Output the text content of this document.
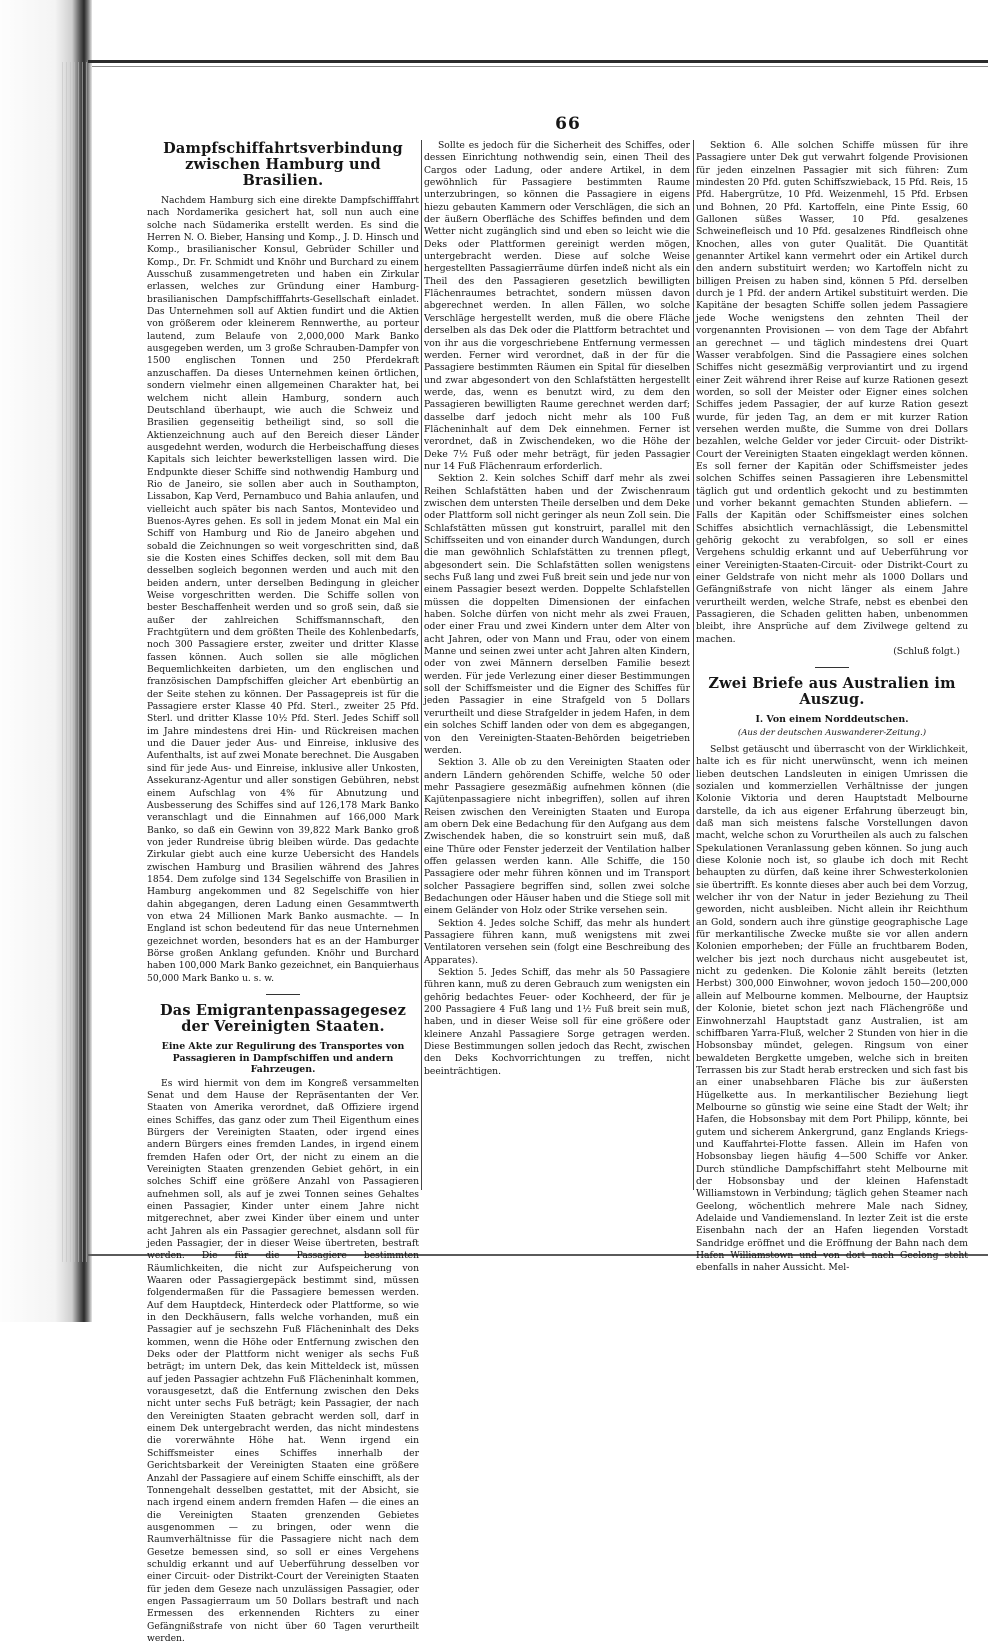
66
Dampfschiffahrtsverbindung zwischen Hamburg und Brasilien.

Nachdem Hamburg sich eine direkte Dampfschifffahrt nach Nordamerika gesichert hat, soll nun auch eine solche nach Südamerika erstellt werden. Es sind die Herren N. O. Bieber, Hansing und Komp., J. D. Hinsch und Komp., brasilianischer Konsul, Gebrüder Schiller und Komp., Dr. Fr. Schmidt und Knöhr und Burchard zu einem Ausschuß zusammengetreten und haben ein Zirkular erlassen, welches zur Gründung einer Hamburg-brasilianischen Dampfschifffahrts-Gesellschaft einladet. Das Unternehmen soll auf Aktien fundirt und die Aktien von größerem oder kleinerem Rennwerthe, au porteur lautend, zum Belaufe von 2,000,000 Mark Banko ausgegeben werden, um 3 große Schrauben-Dampfer von 1500 englischen Tonnen und 250 Pferdekraft anzuschaffen. Da dieses Unternehmen keinen örtlichen, sondern vielmehr einen allgemeinen Charakter hat, bei welchem nicht allein Hamburg, sondern auch Deutschland überhaupt, wie auch die Schweiz und Brasilien gegenseitig betheiligt sind, so soll die Aktienzeichnung auch auf den Bereich dieser Länder ausgedehnt werden, wodurch die Herbeischaffung dieses Kapitals sich leichter bewerkstelligen lassen wird. Die Endpunkte dieser Schiffe sind nothwendig Hamburg und Rio de Janeiro, sie sollen aber auch in Southampton, Lissabon, Kap Verd, Pernambuco und Bahia anlaufen, und vielleicht auch später bis nach Santos, Montevideo und Buenos-Ayres gehen. Es soll in jedem Monat ein Mal ein Schiff von Hamburg und Rio de Janeiro abgehen und sobald die Zeichnungen so weit vorgeschritten sind, daß sie die Kosten eines Schiffes decken, soll mit dem Bau desselben sogleich begonnen werden und auch mit den beiden andern, unter derselben Bedingung in gleicher Weise vorgeschritten werden. Die Schiffe sollen von bester Beschaffenheit werden und so groß sein, daß sie außer der zahlreichen Schiffsmannschaft, den Frachtgütern und dem größten Theile des Kohlenbedarfs, noch 300 Passagiere erster, zweiter und dritter Klasse fassen können. Auch sollen sie alle möglichen Bequemlichkeiten darbieten, um den englischen und französischen Dampfschiffen gleicher Art ebenbürtig an der Seite stehen zu können. Der Passagepreis ist für die Passagiere erster Klasse 40 Pfd. Sterl., zweiter 25 Pfd. Sterl. und dritter Klasse 10½ Pfd. Sterl. Jedes Schiff soll im Jahre mindestens drei Hin- und Rückreisen machen und die Dauer jeder Aus- und Einreise, inklusive des Aufenthalts, ist auf zwei Monate berechnet. Die Ausgaben sind für jede Aus- und Einreise, inklusive aller Unkosten, Assekuranz-Agentur und aller sonstigen Gebühren, nebst einem Aufschlag von 4% für Abnutzung und Ausbesserung des Schiffes sind auf 126,178 Mark Banko veranschlagt und die Einnahmen auf 166,000 Mark Banko, so daß ein Gewinn von 39,822 Mark Banko groß von jeder Rundreise übrig bleiben würde. Das gedachte Zirkular giebt auch eine kurze Uebersicht des Handels zwischen Hamburg und Brasilien während des Jahres 1854. Dem zufolge sind 134 Segelschiffe von Brasilien in Hamburg angekommen und 82 Segelschiffe von hier dahin abgegangen, deren Ladung einen Gesammtwerth von etwa 24 Millionen Mark Banko ausmachte. — In England ist schon bedeutend für das neue Unternehmen gezeichnet worden, besonders hat es an der Hamburger Börse großen Anklang gefunden. Knöhr und Burchard haben 100,000 Mark Banko gezeichnet, ein Banquierhaus 50,000 Mark Banko u. s. w.

Das Emigrantenpassagegesez der Vereinigten Staaten.
Eine Akte zur Regulirung des Transportes von Passagieren in Dampfschiffen und andern Fahrzeugen.

Es wird hiermit von dem im Kongreß versammelten Senat und dem Hause der Repräsentanten der Ver. Staaten von Amerika verordnet, daß Offiziere irgend eines Schiffes, das ganz oder zum Theil Eigenthum eines Bürgers der Vereinigten Staaten, oder irgend eines andern Bürgers eines fremden Landes, in irgend einem fremden Hafen oder Ort, der nicht zu einem an die Vereinigten Staaten grenzenden Gebiet gehört, in ein solches Schiff eine größere Anzahl von Passagieren aufnehmen soll, als auf je zwei Tonnen seines Gehaltes einen Passagier, Kinder unter einem Jahre nicht mitgerechnet, aber zwei Kinder über einem und unter acht Jahren als ein Passagier gerechnet, alsdann soll für jeden Passagier, der in dieser Weise übertreten, bestraft werden. Die für die Passagiere bestimmten Räumlichkeiten, die nicht zur Aufspeicherung von Waaren oder Passagiergepäck bestimmt sind, müssen folgendermaßen für die Passagiere bemessen werden. Auf dem Hauptdeck, Hinterdeck oder Plattforme, so wie in den Deckhäusern, falls welche vorhanden, muß ein Passagier auf je sechszehn Fuß Flächeninhalt des Deks kommen, wenn die Höhe oder Entfernung zwischen den Deks oder der Plattform nicht weniger als sechs Fuß beträgt; im untern Dek, das kein Mitteldeck ist, müssen auf jeden Passagier achtzehn Fuß Flächeninhalt kommen, vorausgesetzt, daß die Entfernung zwischen den Deks nicht unter sechs Fuß beträgt; kein Passagier, der nach den Vereinigten Staaten gebracht werden soll, darf in einem Dek untergebracht werden, das nicht mindestens die vorerwähnte Höhe hat. Wenn irgend ein Schiffsmeister eines Schiffes innerhalb der Gerichtsbarkeit der Vereinigten Staaten eine größere Anzahl der Passagiere auf einem Schiffe einschifft, als der Tonnengehalt desselben gestattet, mit der Absicht, sie nach irgend einem andern fremden Hafen — die eines an die Vereinigten Staaten grenzenden Gebietes ausgenommen — zu bringen, oder wenn die Raumverhältnisse für die Passagiere nicht nach dem Gesetze bemessen sind, so soll er eines Vergehens schuldig erkannt und auf Ueberführung desselben vor einer Circuit- oder Distrikt-Court der Vereinigten Staaten für jeden dem Geseze nach unzulässigen Passagier, oder engen Passagierraum um 50 Dollars bestraft und nach Ermessen des erkennenden Richters zu einer Gefängnißstrafe von nicht über 60 Tagen verurtheilt werden.

Sollte es jedoch für die Sicherheit des Schiffes, oder dessen Einrichtung nothwendig sein, einen Theil des Cargos oder Ladung, oder andere Artikel, in dem gewöhnlich für Passagiere bestimmten Raume unterzubringen, so können die Passagiere in eigens hiezu gebauten Kammern oder Verschlägen, die sich an der äußern Oberfläche des Schiffes befinden und dem Wetter nicht zugänglich sind und eben so leicht wie die Deks oder Plattformen gereinigt werden mögen, untergebracht werden. Diese auf solche Weise hergestellten Passagierräume dürfen indeß nicht als ein Theil des den Passagieren gesetzlich bewilligten Flächenraumes betrachtet, sondern müssen davon abgerechnet werden. In allen Fällen, wo solche Verschläge hergestellt werden, muß die obere Fläche derselben als das Dek oder die Plattform betrachtet und von ihr aus die vorgeschriebene Entfernung vermessen werden. Ferner wird verordnet, daß in der für die Passagiere bestimmten Räumen ein Spital für dieselben und zwar abgesondert von den Schlafstätten hergestellt werde, das, wenn es benutzt wird, zu dem den Passagieren bewilligten Raume gerechnet werden darf; dasselbe darf jedoch nicht mehr als 100 Fuß Flächeninhalt auf dem Dek einnehmen. Ferner ist verordnet, daß in Zwischendeken, wo die Höhe der Deke 7½ Fuß oder mehr beträgt, für jeden Passagier nur 14 Fuß Flächenraum erforderlich.

Sektion 2. Kein solches Schiff darf mehr als zwei Reihen Schlafstätten haben und der Zwischenraum zwischen dem untersten Theile derselben und dem Deke oder Plattform soll nicht geringer als neun Zoll sein. Die Schlafstätten müssen gut konstruirt, parallel mit den Schiffsseiten und von einander durch Wandungen, durch die man gewöhnlich Schlafstätten zu trennen pflegt, abgesondert sein. Die Schlafstätten sollen wenigstens sechs Fuß lang und zwei Fuß breit sein und jede nur von einem Passagier besezt werden. Doppelte Schlafstellen müssen die doppelten Dimensionen der einfachen haben. Solche dürfen von nicht mehr als zwei Frauen, oder einer Frau und zwei Kindern unter dem Alter von acht Jahren, oder von Mann und Frau, oder von einem Manne und seinen zwei unter acht Jahren alten Kindern, oder von zwei Männern derselben Familie besezt werden. Für jede Verlezung einer dieser Bestimmungen soll der Schiffsmeister und die Eigner des Schiffes für jeden Passagier in eine Strafgeld von 5 Dollars verurtheilt und diese Strafgelder in jedem Hafen, in dem ein solches Schiff landen oder von dem es abgegangen, von den Vereinigten-Staaten-Behörden beigetrieben werden.

Sektion 3. Alle ob zu den Vereinigten Staaten oder andern Ländern gehörenden Schiffe, welche 50 oder mehr Passagiere gesezmäßig aufnehmen können (die Kajütenpassagiere nicht inbegriffen), sollen auf ihren Reisen zwischen den Vereinigten Staaten und Europa am obern Dek eine Bedachung für den Aufgang aus dem Zwischendek haben, die so konstruirt sein muß, daß eine Thüre oder Fenster jederzeit der Ventilation halber offen gelassen werden kann. Alle Schiffe, die 150 Passagiere oder mehr führen können und im Transport solcher Passagiere begriffen sind, sollen zwei solche Bedachungen oder Häuser haben und die Stiege soll mit einem Geländer von Holz oder Strike versehen sein.

Sektion 4. Jedes solche Schiff, das mehr als hundert Passagiere führen kann, muß wenigstens mit zwei Ventilatoren versehen sein (folgt eine Beschreibung des Apparates).

Sektion 5. Jedes Schiff, das mehr als 50 Passagiere führen kann, muß zu deren Gebrauch zum wenigsten ein gehörig bedachtes Feuer- oder Kochheerd, der für je 200 Passagiere 4 Fuß lang und 1½ Fuß breit sein muß, haben, und in dieser Weise soll für eine größere oder kleinere Anzahl Passagiere Sorge getragen werden. Diese Bestimmungen sollen jedoch das Recht, zwischen den Deks Kochvorrichtungen zu treffen, nicht beeinträchtigen.

Sektion 6. Alle solchen Schiffe müssen für ihre Passagiere unter Dek gut verwahrt folgende Provisionen für jeden einzelnen Passagier mit sich führen: Zum mindesten 20 Pfd. guten Schiffszwieback, 15 Pfd. Reis, 15 Pfd. Habergrütze, 10 Pfd. Weizenmehl, 15 Pfd. Erbsen und Bohnen, 20 Pfd. Kartoffeln, eine Pinte Essig, 60 Gallonen süßes Wasser, 10 Pfd. gesalzenes Schweinefleisch und 10 Pfd. gesalzenes Rindfleisch ohne Knochen, alles von guter Qualität. Die Quantität genannter Artikel kann vermehrt oder ein Artikel durch den andern substituirt werden; wo Kartoffeln nicht zu billigen Preisen zu haben sind, können 5 Pfd. derselben durch je 1 Pfd. der andern Artikel substituirt werden. Die Kapitäne der besagten Schiffe sollen jedem Passagiere jede Woche wenigstens den zehnten Theil der vorgenannten Provisionen — von dem Tage der Abfahrt an gerechnet — und täglich mindestens drei Quart Wasser verabfolgen. Sind die Passagiere eines solchen Schiffes nicht gesezmäßig verproviantirt und zu irgend einer Zeit während ihrer Reise auf kurze Rationen gesezt worden, so soll der Meister oder Eigner eines solchen Schiffes jedem Passagier, der auf kurze Ration gesezt wurde, für jeden Tag, an dem er mit kurzer Ration versehen werden mußte, die Summe von drei Dollars bezahlen, welche Gelder vor jeder Circuit- oder Distrikt-Court der Vereinigten Staaten eingeklagt werden können. Es soll ferner der Kapitän oder Schiffsmeister jedes solchen Schiffes seinen Passagieren ihre Lebensmittel täglich gut und ordentlich gekocht und zu bestimmten und vorher bekannt gemachten Stunden abliefern. — Falls der Kapitän oder Schiffsmeister eines solchen Schiffes absichtlich vernachlässigt, die Lebensmittel gehörig gekocht zu verabfolgen, so soll er eines Vergehens schuldig erkannt und auf Ueberführung vor einer Vereinigten-Staaten-Circuit- oder Distrikt-Court zu einer Geldstrafe von nicht mehr als 1000 Dollars und Gefängnißstrafe von nicht länger als einem Jahre verurtheilt werden, welche Strafe, nebst es ebenbei den Passagieren, die Schaden gelitten haben, unbenommen bleibt, ihre Ansprüche auf dem Zivilwege geltend zu machen.

(Schluß folgt.)

Zwei Briefe aus Australien im Auszug.
I. Von einem Norddeutschen.
(Aus der deutschen Auswanderer-Zeitung.)

Selbst getäuscht und überrascht von der Wirklichkeit, halte ich es für nicht unerwünscht, wenn ich meinen lieben deutschen Landsleuten in einigen Umrissen die sozialen und kommerziellen Verhältnisse der jungen Kolonie Viktoria und deren Hauptstadt Melbourne darstelle, da ich aus eigener Erfahrung überzeugt bin, daß man sich meistens falsche Vorstellungen davon macht, welche schon zu Vorurtheilen als auch zu falschen Spekulationen Veranlassung geben können. So jung auch diese Kolonie noch ist, so glaube ich doch mit Recht behaupten zu dürfen, daß keine ihrer Schwesterkolonien sie übertrifft. Es konnte dieses aber auch bei dem Vorzug, welcher ihr von der Natur in jeder Beziehung zu Theil geworden, nicht ausbleiben. Nicht allein ihr Reichthum an Gold, sondern auch ihre günstige geographische Lage für merkantilische Zwecke mußte sie vor allen andern Kolonien emporheben; der Fülle an fruchtbarem Boden, welcher bis jezt noch durchaus nicht ausgebeutet ist, nicht zu gedenken. Die Kolonie zählt bereits (letzten Herbst) 300,000 Einwohner, wovon jedoch 150—200,000 allein auf Melbourne kommen. Melbourne, der Hauptsiz der Kolonie, bietet schon jezt nach Flächengröße und Einwohnerzahl Hauptstadt ganz Australien, ist am schiffbaren Yarra-Fluß, welcher 2 Stunden von hier in die Hobsonsbay mündet, gelegen. Ringsum von einer bewaldeten Bergkette umgeben, welche sich in breiten Terrassen bis zur Stadt herab erstrecken und sich fast bis an einer unabsehbaren Fläche bis zur äußersten Hügelkette aus. In merkantilischer Beziehung liegt Melbourne so günstig wie seine eine Stadt der Welt; ihr Hafen, die Hobsonsbay mit dem Port Philipp, könnte, bei gutem und sicherem Ankergrund, ganz Englands Kriegs- und Kauffahrtei-Flotte fassen. Allein im Hafen von Hobsonsbay liegen häufig 4—500 Schiffe vor Anker. Durch stündliche Dampfschiffahrt steht Melbourne mit der Hobsonsbay und der kleinen Hafenstadt Williamstown in Verbindung; täglich gehen Steamer nach Geelong, wöchentlich mehrere Male nach Sidney, Adelaide und Vandiemensland. In lezter Zeit ist die erste Eisenbahn nach der an Hafen liegenden Vorstadt Sandridge eröffnet und die Eröffnung der Bahn nach dem Hafen Williamstown und von dort nach Geelong steht ebenfalls in naher Aussicht. Mel-
